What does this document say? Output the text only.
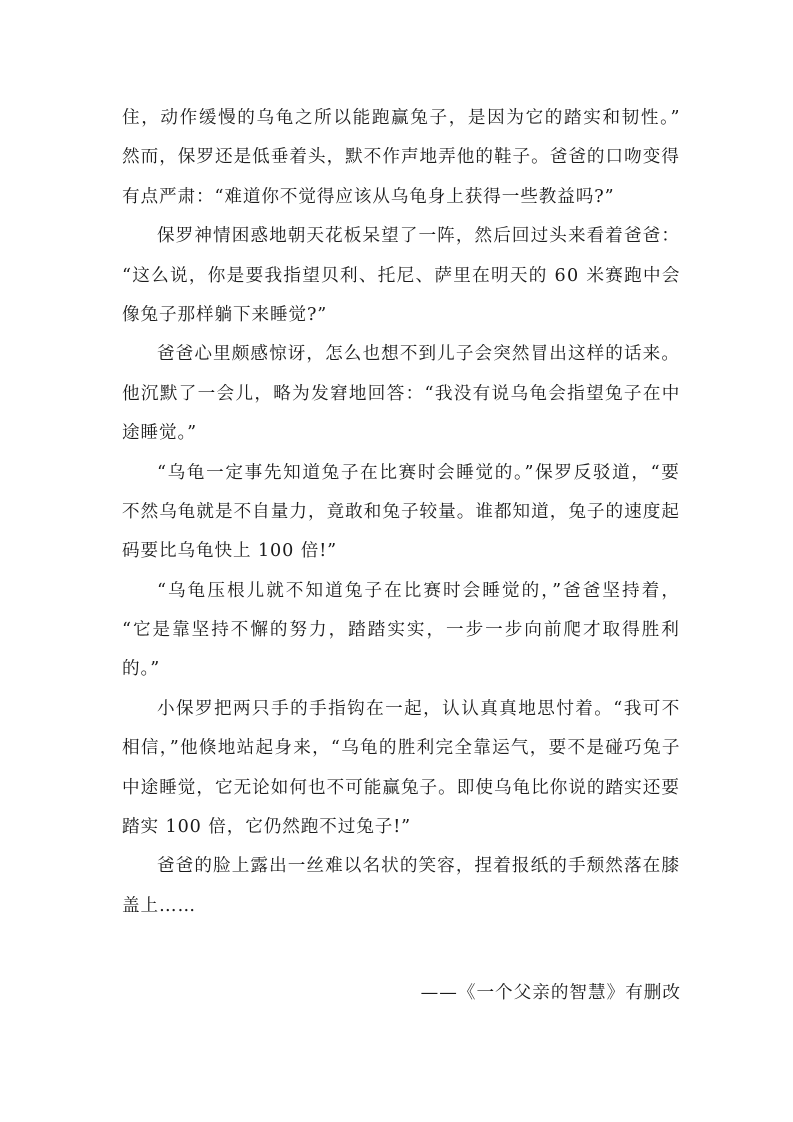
住，动作缓慢的乌龟之所以能跑赢兔子，是因为它的踏实和韧性。”
然而，保罗还是低垂着头，默不作声地弄他的鞋子。爸爸的口吻变得
有点严肃：“难道你不觉得应该从乌龟身上获得一些教益吗?”
保罗神情困惑地朝天花板呆望了一阵，然后回过头来看着爸爸：
“这么说，你是要我指望贝利、托尼、萨里在明天的 60 米赛跑中会
像兔子那样躺下来睡觉?”
爸爸心里颇感惊讶，怎么也想不到儿子会突然冒出这样的话来。
他沉默了一会儿，略为发窘地回答：“我没有说乌龟会指望兔子在中
途睡觉。”
“乌龟一定事先知道兔子在比赛时会睡觉的。”保罗反驳道，“要
不然乌龟就是不自量力，竟敢和兔子较量。谁都知道，兔子的速度起
码要比乌龟快上 100 倍!”
“乌龟压根儿就不知道兔子在比赛时会睡觉的，”爸爸坚持着，
“它是靠坚持不懈的努力，踏踏实实，一步一步向前爬才取得胜利
的。”
小保罗把两只手的手指钩在一起，认认真真地思忖着。“我可不
相信，”他倏地站起身来，“乌龟的胜利完全靠运气，要不是碰巧兔子
中途睡觉，它无论如何也不可能赢兔子。即使乌龟比你说的踏实还要
踏实 100 倍，它仍然跑不过兔子!”
爸爸的脸上露出一丝难以名状的笑容，捏着报纸的手颓然落在膝
盖上……
——《一个父亲的智慧》有删改
